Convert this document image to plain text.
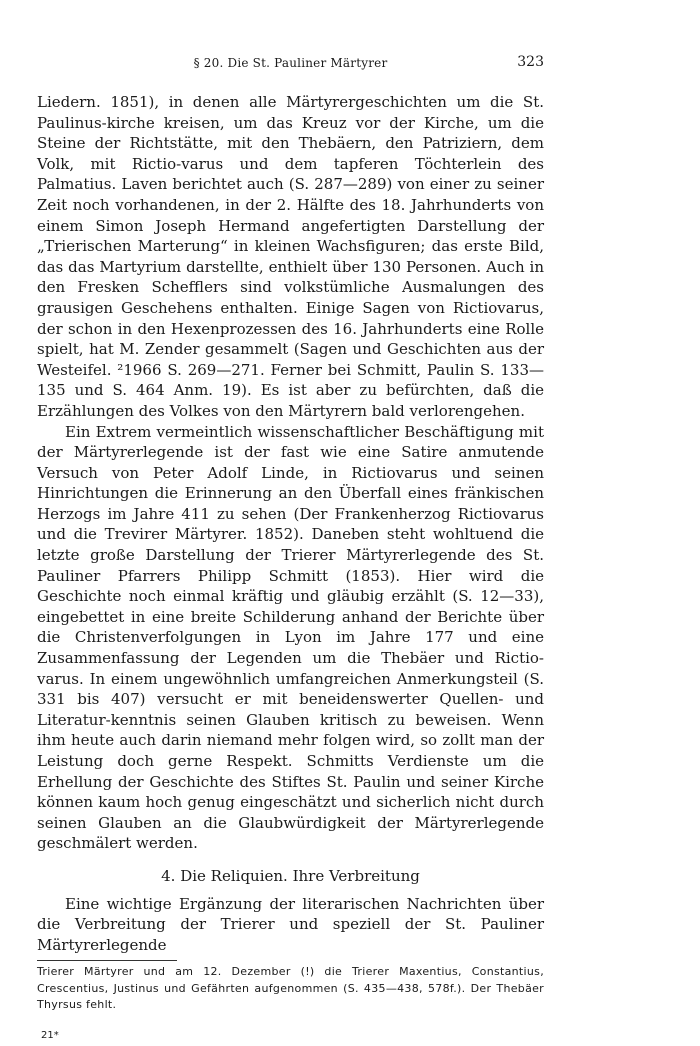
§ 20. Die St. Pauliner Märtyrer	323

Liedern. 1851), in denen alle Märtyrergeschichten um die St. Paulinus-kirche kreisen, um das Kreuz vor der Kirche, um die Steine der Richtstätte, mit den Thebäern, den Patriziern, dem Volk, mit Rictio-varus und dem tapferen Töchterlein des Palmatius. Laven berichtet auch (S. 287—289) von einer zu seiner Zeit noch vorhandenen, in der 2. Hälfte des 18. Jahrhunderts von einem Simon Joseph Hermand angefertigten Darstellung der „Trierischen Marterung“ in kleinen Wachsfiguren; das erste Bild, das das Martyrium darstellte, enthielt über 130 Personen. Auch in den Fresken Schefflers sind volkstümliche Ausmalungen des grausigen Geschehens enthalten. Einige Sagen von Rictiovarus, der schon in den Hexenprozessen des 16. Jahrhunderts eine Rolle spielt, hat M. Zender gesammelt (Sagen und Geschichten aus der Westeifel. ²1966 S. 269—271. Ferner bei Schmitt, Paulin S. 133—135 und S. 464 Anm. 19). Es ist aber zu befürchten, daß die Erzählungen des Volkes von den Märtyrern bald verlorengehen.

Ein Extrem vermeintlich wissenschaftlicher Beschäftigung mit der Märtyrerlegende ist der fast wie eine Satire anmutende Versuch von Peter Adolf Linde, in Rictiovarus und seinen Hinrichtungen die Erinnerung an den Überfall eines fränkischen Herzogs im Jahre 411 zu sehen (Der Frankenherzog Rictiovarus und die Trevirer Märtyrer. 1852). Daneben steht wohltuend die letzte große Darstellung der Trierer Märtyrerlegende des St. Pauliner Pfarrers Philipp Schmitt (1853). Hier wird die Geschichte noch einmal kräftig und gläubig erzählt (S. 12—33), eingebettet in eine breite Schilderung anhand der Berichte über die Christenverfolgungen in Lyon im Jahre 177 und eine Zusammenfassung der Legenden um die Thebäer und Rictio-varus. In einem ungewöhnlich umfangreichen Anmerkungsteil (S. 331 bis 407) versucht er mit beneidenswerter Quellen- und Literatur-kenntnis seinen Glauben kritisch zu beweisen. Wenn ihm heute auch darin niemand mehr folgen wird, so zollt man der Leistung doch gerne Respekt. Schmitts Verdienste um die Erhellung der Geschichte des Stiftes St. Paulin und seiner Kirche können kaum hoch genug eingeschätzt und sicherlich nicht durch seinen Glauben an die Glaubwürdigkeit der Märtyrerlegende geschmälert werden.

4. Die Reliquien. Ihre Verbreitung

Eine wichtige Ergänzung der literarischen Nachrichten über die Verbreitung der Trierer und speziell der St. Pauliner Märtyrerlegende

Trierer Märtyrer und am 12. Dezember (!) die Trierer Maxentius, Constantius, Crescentius, Justinus und Gefährten aufgenommen (S. 435—438, 578f.). Der Thebäer Thyrsus fehlt.

21*
